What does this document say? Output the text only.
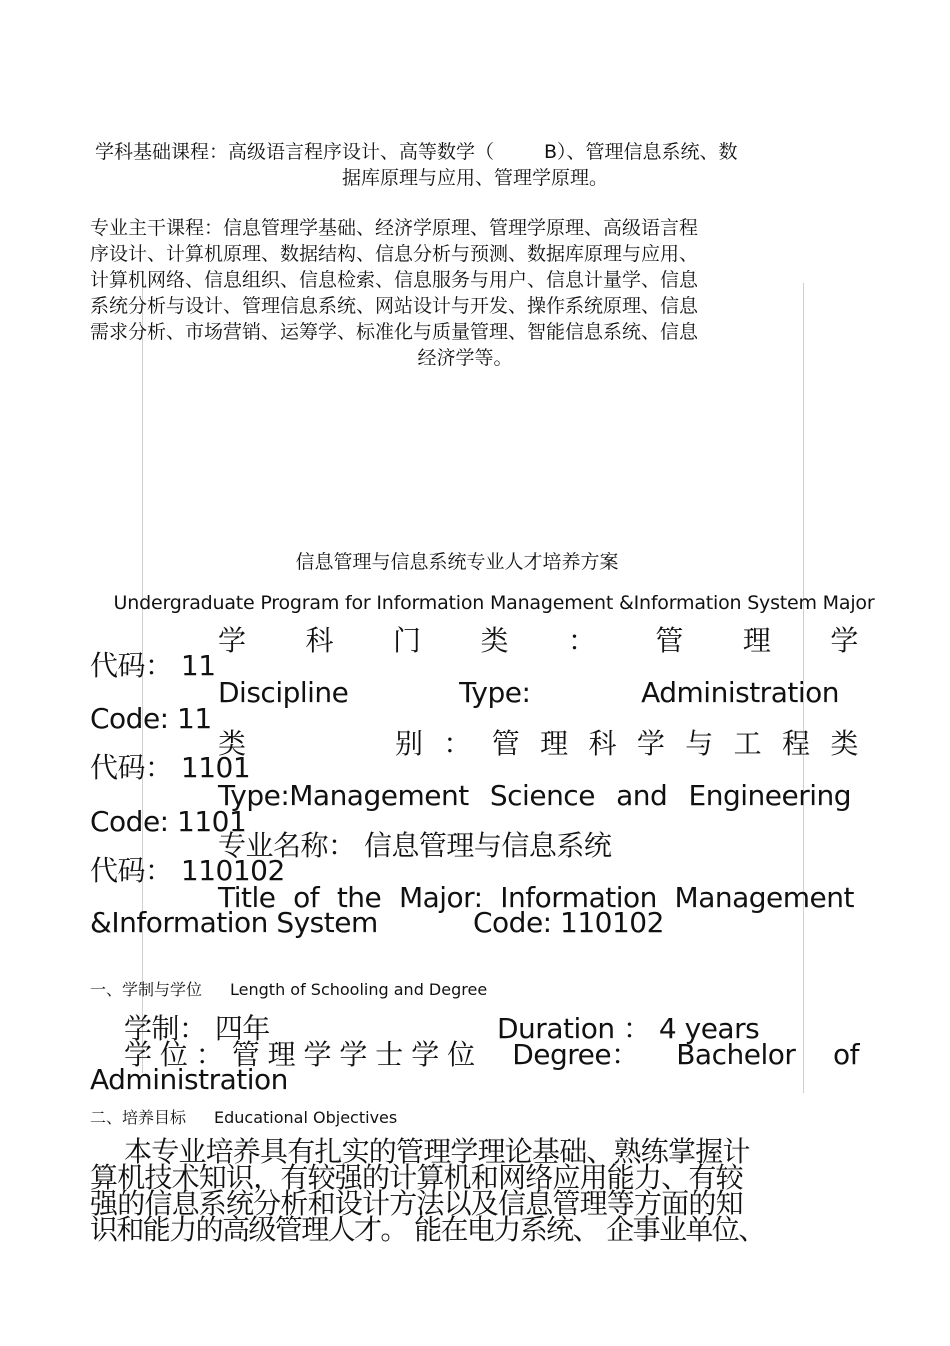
学科基础课程：高级语言程序设计、高等数学（	B）、管理信息系统、数
据库原理与应用、管理学原理。
专业主干课程：信息管理学基础、经济学原理、管理学原理、高级语言程
序设计、计算机原理、数据结构、信息分析与预测、数据库原理与应用、
计算机网络、信息组织、信息检索、信息服务与用户、信息计量学、信息
系统分析与设计、管理信息系统、网站设计与开发、操作系统原理、信息
需求分析、市场营销、运筹学、标准化与质量管理、智能信息系统、信息
经济学等。
信息管理与信息系统专业人才培养方案
Undergraduate Program for Information Management &Information System Major
学 科 门 类 ： 管 理 学
代码： 11
Discipline	Type:	Administration
Code: 11
类	别 ： 管 理 科 学 与 工 程 类
代码： 1101
Type:Management Science and Engineering
Code: 1101
专业名称： 信息管理与信息系统
代码： 110102
Title of the Major: Information Management
&Information System	Code: 110102
一、学制与学位 Length of Schooling and Degree
学制： 四年	Duration ： 4 years
学 位 ： 管 理 学 学 士 学 位 Degree： Bachelor of
Administration
二、培养目标 Educational Objectives
本专业培养具有扎实的管理学理论基础、熟练掌握计
算机技术知识，有较强的计算机和网络应用能力、有较
强的信息系统分析和设计方法以及信息管理等方面的知
识和能力的高级管理人才。 能在电力系统、 企事业单位、
